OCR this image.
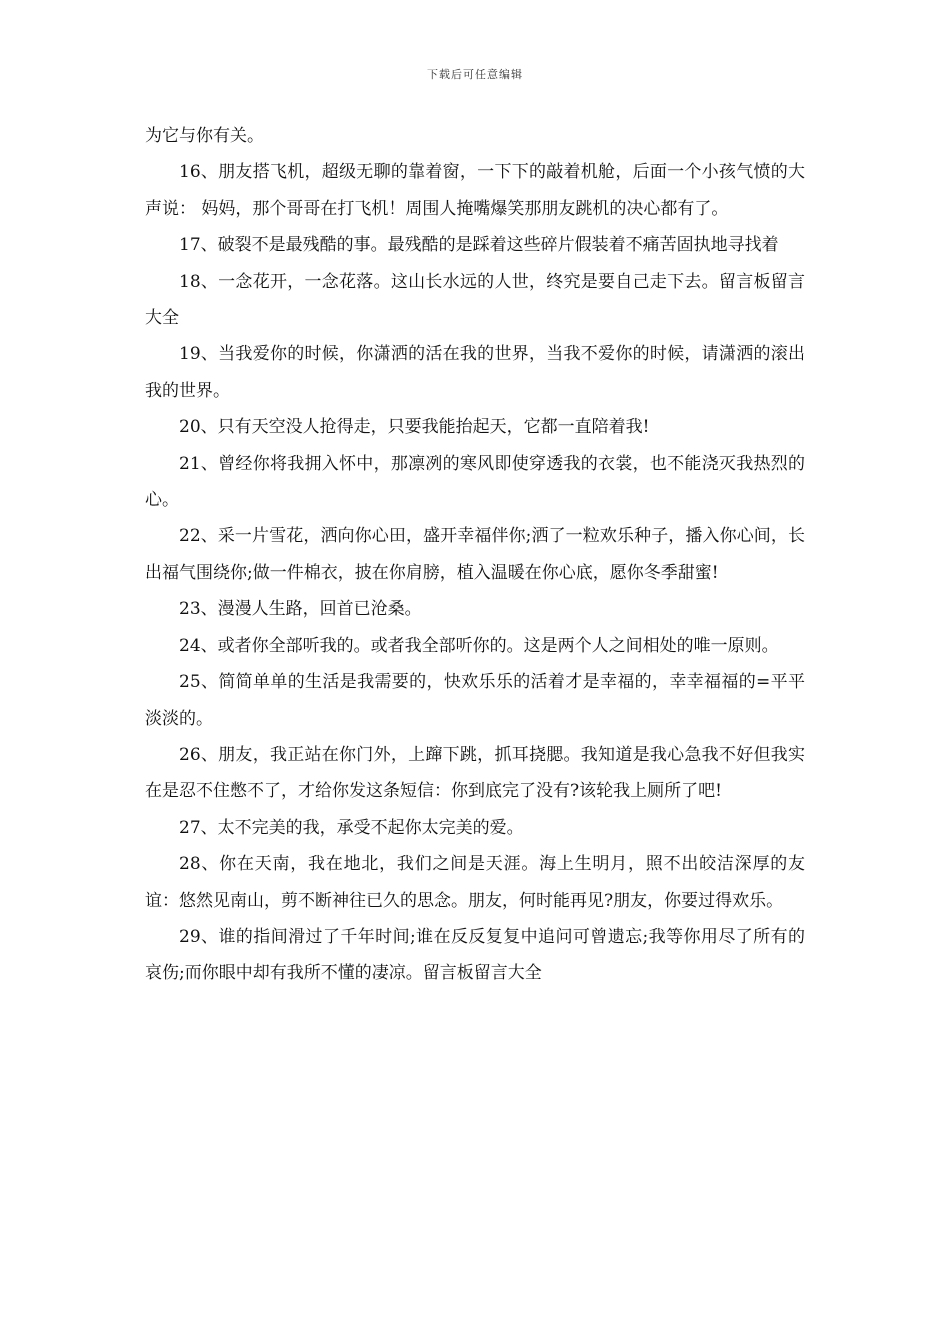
下载后可任意编辑

为它与你有关。

16、朋友搭飞机，超级无聊的靠着窗，一下下的敲着机舱，后面一个小孩气愤的大声说： 妈妈，那个哥哥在打飞机！周围人掩嘴爆笑那朋友跳机的决心都有了。

17、破裂不是最残酷的事。最残酷的是踩着这些碎片假装着不痛苦固执地寻找着

18、一念花开，一念花落。这山长水远的人世，终究是要自己走下去。留言板留言大全

19、当我爱你的时候，你潇洒的活在我的世界，当我不爱你的时候，请潇洒的滚出我的世界。

20、只有天空没人抢得走，只要我能抬起天，它都一直陪着我!

21、曾经你将我拥入怀中，那凛冽的寒风即使穿透我的衣裳，也不能浇灭我热烈的心。

22、采一片雪花，洒向你心田，盛开幸福伴你;洒了一粒欢乐种子，播入你心间，长出福气围绕你;做一件棉衣，披在你肩膀，植入温暖在你心底，愿你冬季甜蜜!

23、漫漫人生路，回首已沧桑。

24、或者你全部听我的。或者我全部听你的。这是两个人之间相处的唯一原则。

25、简简单单的生活是我需要的，快欢乐乐的活着才是幸福的，幸幸福福的=平平淡淡的。

26、朋友，我正站在你门外，上蹿下跳，抓耳挠腮。我知道是我心急我不好但我实在是忍不住憋不了，才给你发这条短信：你到底完了没有?该轮我上厕所了吧!

27、太不完美的我，承受不起你太完美的爱。

28、你在天南，我在地北，我们之间是天涯。海上生明月，照不出皎洁深厚的友谊：悠然见南山，剪不断神往已久的思念。朋友，何时能再见?朋友，你要过得欢乐。

29、谁的指间滑过了千年时间;谁在反反复复中追问可曾遗忘;我等你用尽了所有的哀伤;而你眼中却有我所不懂的凄凉。留言板留言大全
